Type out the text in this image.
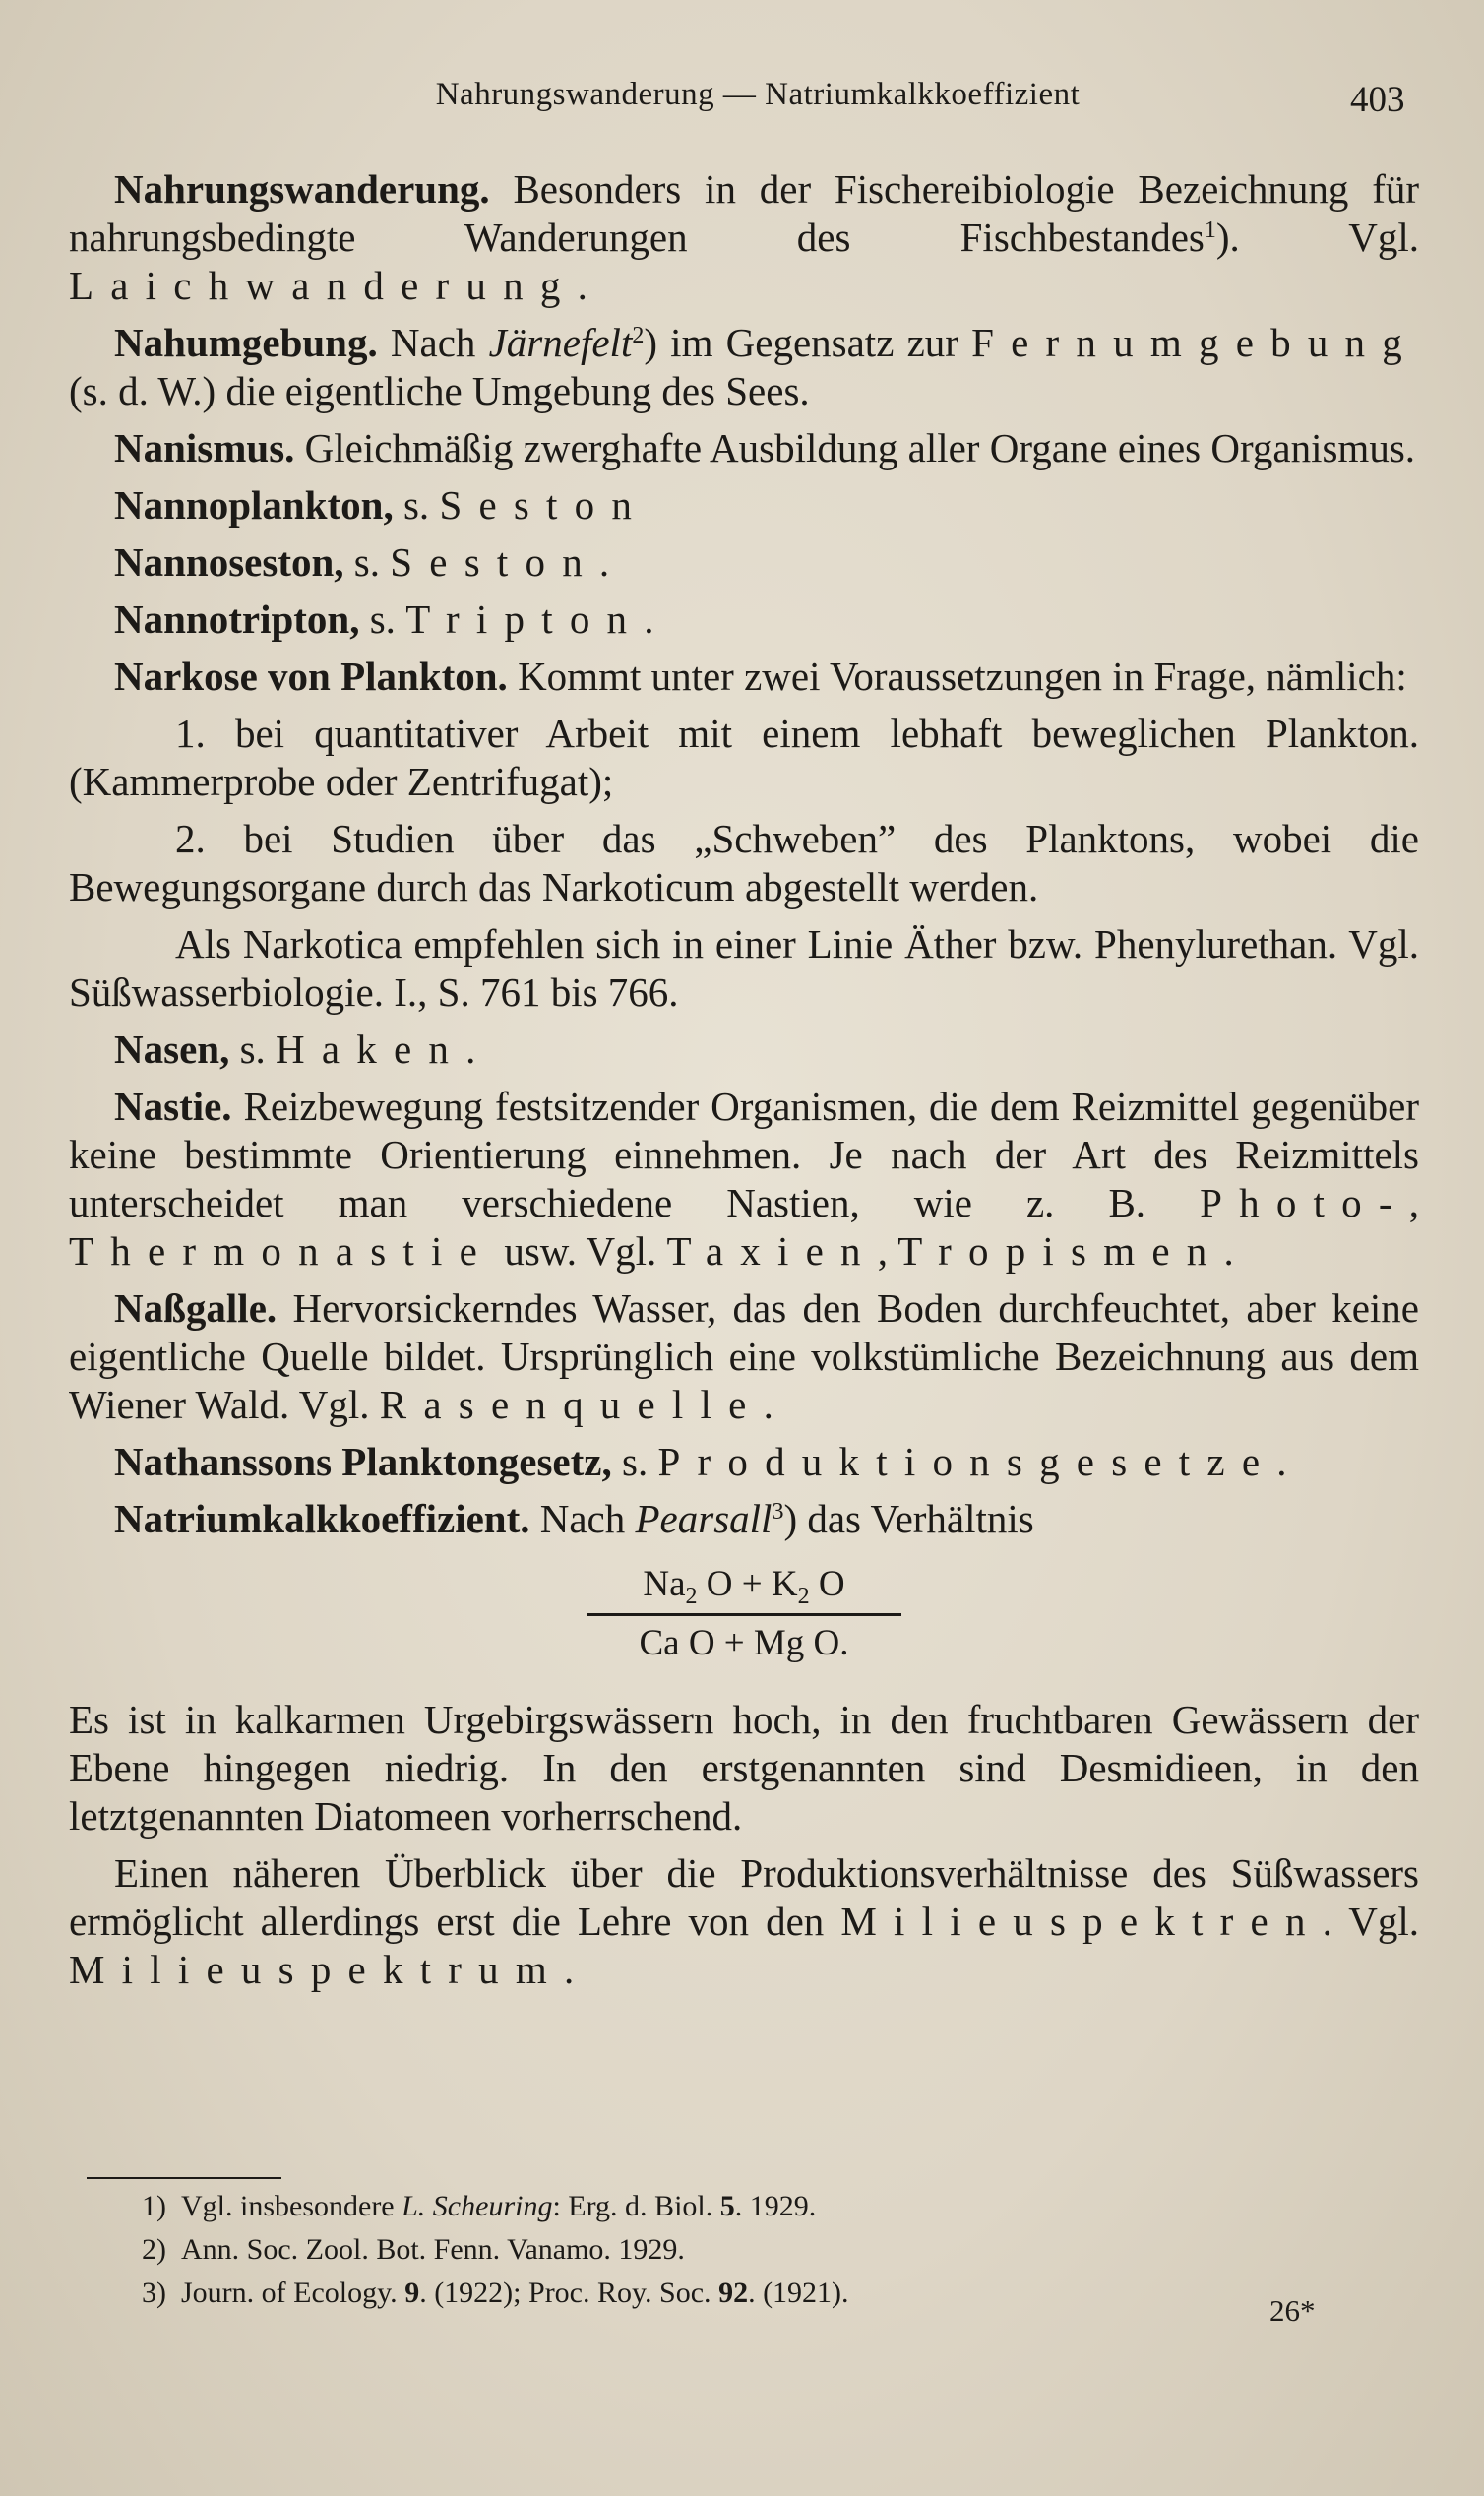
Nahrungswanderung — Natriumkalkkoeffizient	403

Nahrungswanderung. Besonders in der Fischereibiologie Bezeichnung für nahrungsbedingte Wanderungen des Fischbestandes$^1$). Vgl. Laichwanderung.

Nahumgebung. Nach Järnefelt$^2$) im Gegensatz zur Fernumgebung (s. d. W.) die eigentliche Umgebung des Sees.

Nanismus. Gleichmäßig zwerghafte Ausbildung aller Organe eines Organismus.

Nannoplankton, s. Seston

Nannoseston, s. Seston.

Nannotripton, s. Tripton.

Narkose von Plankton. Kommt unter zwei Voraussetzungen in Frage, nämlich:

1. bei quantitativer Arbeit mit einem lebhaft beweglichen Plankton. (Kammerprobe oder Zentrifugat);

2. bei Studien über das „Schweben” des Planktons, wobei die Bewegungsorgane durch das Narkoticum abgestellt werden.

Als Narkotica empfehlen sich in einer Linie Äther bzw. Phenylurethan. Vgl. Süßwasserbiologie. I., S. 761 bis 766.

Nasen, s. Haken.

Nastie. Reizbewegung festsitzender Organismen, die dem Reizmittel gegenüber keine bestimmte Orientierung einnehmen. Je nach der Art des Reizmittels unterscheidet man verschiedene Nastien, wie z. B. Photo-, Thermonastie usw. Vgl. Taxien, Tropismen.

Naßgalle. Hervorsickerndes Wasser, das den Boden durchfeuchtet, aber keine eigentliche Quelle bildet. Ursprünglich eine volkstümliche Bezeichnung aus dem Wiener Wald. Vgl. Rasenquelle.

Nathanssons Planktongesetz, s. Produktionsgesetze.

Natriumkalkkoeffizient. Nach Pearsall$^3$) das Verhältnis

$Na_2$ $O + K_2$ O
Ca O + Mg O.

Es ist in kalkarmen Urgebirgswässern hoch, in den fruchtbaren Gewässern der Ebene hingegen niedrig. In den erstgenannten sind Desmidieen, in den letztgenannten Diatomeen vorherrschend.

Einen näheren Überblick über die Produktionsverhältnisse des Süßwassers ermöglicht allerdings erst die Lehre von den Milieuspektren. Vgl. Milieuspektrum.

1) Vgl. insbesondere L. Scheuring: Erg. d. Biol. 5. 1929.

2) Ann. Soc. Zool. Bot. Fenn. Vanamo. 1929.

3) Journ. of Ecology. 9. (1922); Proc. Roy. Soc. 92. (1921).

26*
